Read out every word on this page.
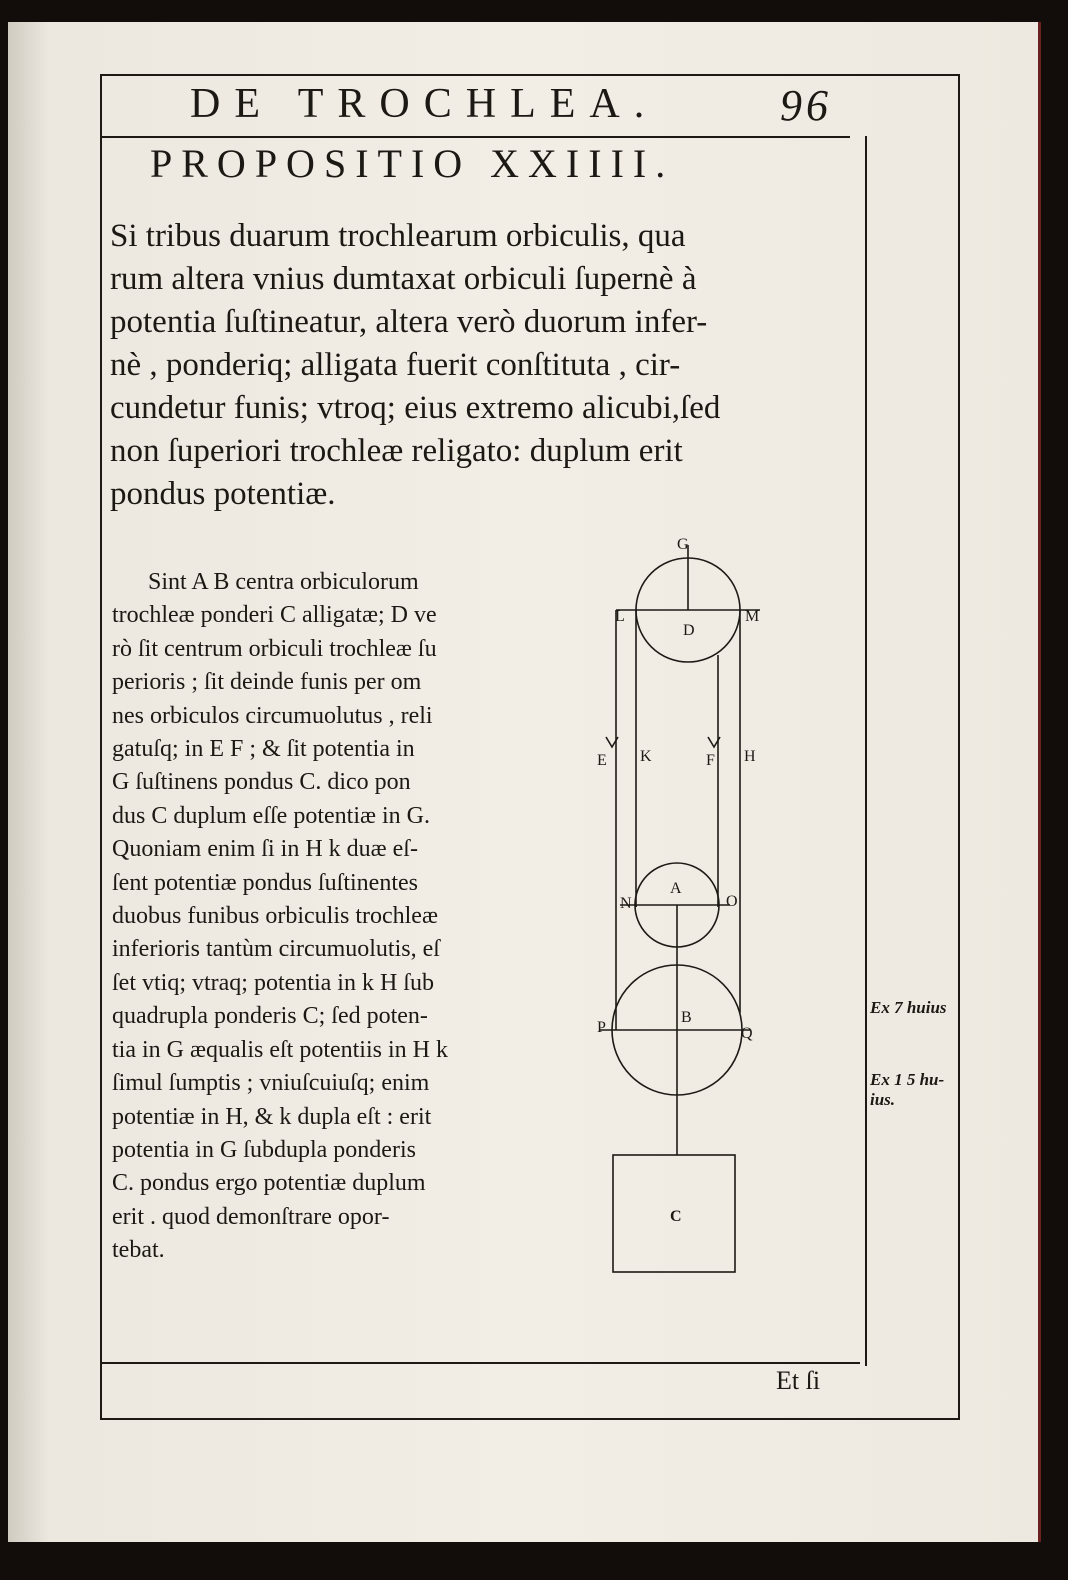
DE TROCHLEA.	96
PROPOSITIO XXIIII.
Si tribus duarum trochlearum orbiculis, qua
rum altera vnius dumtaxat orbiculi ſupernè à
potentia ſuſtineatur, altera verò duorum infer-
nè , ponderiq; alligata fuerit conſtituta , cir-
cundetur funis; vtroq; eius extremo alicubi,ſed
non ſuperiori trochleæ religato: duplum erit
pondus potentiæ.
Sint A B centra orbiculorum
trochleæ ponderi C alligatæ; D ve
rò ſit centrum orbiculi trochleæ ſu
perioris ; ſit deinde funis per om
nes orbiculos circumuolutus , reli
gatuſq; in E F ; & ſit potentia in
G ſuſtinens pondus C. dico pon
dus C duplum eſſe potentiæ in G.
Quoniam enim ſi in H k duæ eſ-
ſent potentiæ pondus ſuſtinentes
duobus funibus orbiculis trochleæ
inferioris tantùm circumuolutis, eſ
ſet vtiq; vtraq; potentia in k H ſub
quadrupla ponderis C; ſed poten-
tia in G æqualis eſt potentiis in H k
ſimul ſumptis ; vniuſcuiuſq; enim
potentiæ in H, & k dupla eſt : erit
potentia in G ſubdupla ponderis
C. pondus ergo potentiæ duplum
erit . quod demonſtrare opor-
tebat.
G
L	M
D
E K	F H
A
N	O
B
P	Q
C
Ex 7 huius
Ex 1 5 hu-
ius.
Et ſi
